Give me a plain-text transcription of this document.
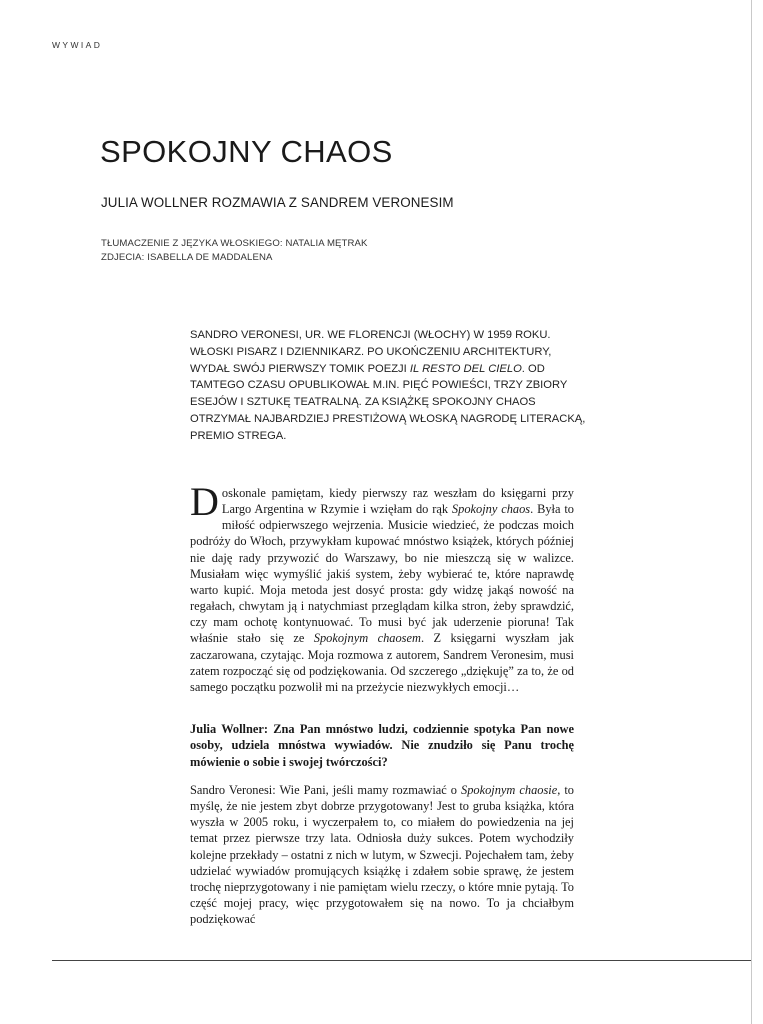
WYWIAD
SPOKOJNY CHAOS
JULIA WOLLNER ROZMAWIA Z SANDREM VERONESIM
TŁUMACZENIE Z JĘZYKA WŁOSKIEGO: NATALIA MĘTRAK
ZDJECIA: ISABELLA DE MADDALENA

SANDRO VERONESI, UR. WE FLORENCJI (WŁOCHY) W 1959 ROKU. WŁOSKI PISARZ I DZIENNIKARZ. PO UKOŃCZENIU ARCHITEKTURY, WYDAŁ SWÓJ PIERWSZY TOMIK POEZJI IL RESTO DEL CIELO. OD TAMTEGO CZASU OPUBLIKOWAŁ M.IN. PIĘĆ POWIEŚCI, TRZY ZBIORY ESEJÓW I SZTUKĘ TEATRALNĄ. ZA KSIĄŻKĘ SPOKOJNY CHAOS OTRZYMAŁ NAJBARDZIEJ PRESTIŻOWĄ WŁOSKĄ NAGRODĘ LITERACKĄ, PREMIO STREGA.

Doskonale pamiętam, kiedy pierwszy raz weszłam do księgarni przy Largo Argentina w Rzymie i wzięłam do rąk Spokojny chaos. Była to miłość odpierwszego wejrzenia. Musicie wiedzieć, że podczas moich podróży do Włoch, przywykłam kupować mnóstwo książek, których później nie daję rady przywozić do Warszawy, bo nie mieszczą się w walizce. Musiałam więc wymyślić jakiś system, żeby wybierać te, które naprawdę warto kupić. Moja metoda jest dosyć prosta: gdy widzę jakąś nowość na regałach, chwytam ją i natychmiast przeglądam kilka stron, żeby sprawdzić, czy mam ochotę kontynuować. To musi być jak uderzenie pioruna! Tak właśnie stało się ze Spokojnym chaosem. Z księgarni wyszłam jak zaczarowana, czytając. Moja rozmowa z autorem, Sandrem Veronesim, musi zatem rozpocząć się od podziękowania. Od szczerego „dziękuję” za to, że od samego początku pozwolił mi na przeżycie niezwykłych emocji…

Julia Wollner: Zna Pan mnóstwo ludzi, codziennie spotyka Pan nowe osoby, udziela mnóstwa wywiadów. Nie znudziło się Panu trochę mówienie o sobie i swojej twórczości?

Sandro Veronesi: Wie Pani, jeśli mamy rozmawiać o Spokojnym chaosie, to myślę, że nie jestem zbyt dobrze przygotowany! Jest to gruba książka, która wyszła w 2005 roku, i wyczerpałem to, co miałem do powiedzenia na jej temat przez pierwsze trzy lata. Odniosła duży sukces. Potem wychodziły kolejne przekłady – ostatni z nich w lutym, w Szwecji. Pojechałem tam, żeby udzielać wywiadów promujących książkę i zdałem sobie sprawę, że jestem trochę nieprzygotowany i nie pamiętam wielu rzeczy, o które mnie pytają. To część mojej pracy, więc przygotowałem się na nowo. To ja chciałbym podziękować
